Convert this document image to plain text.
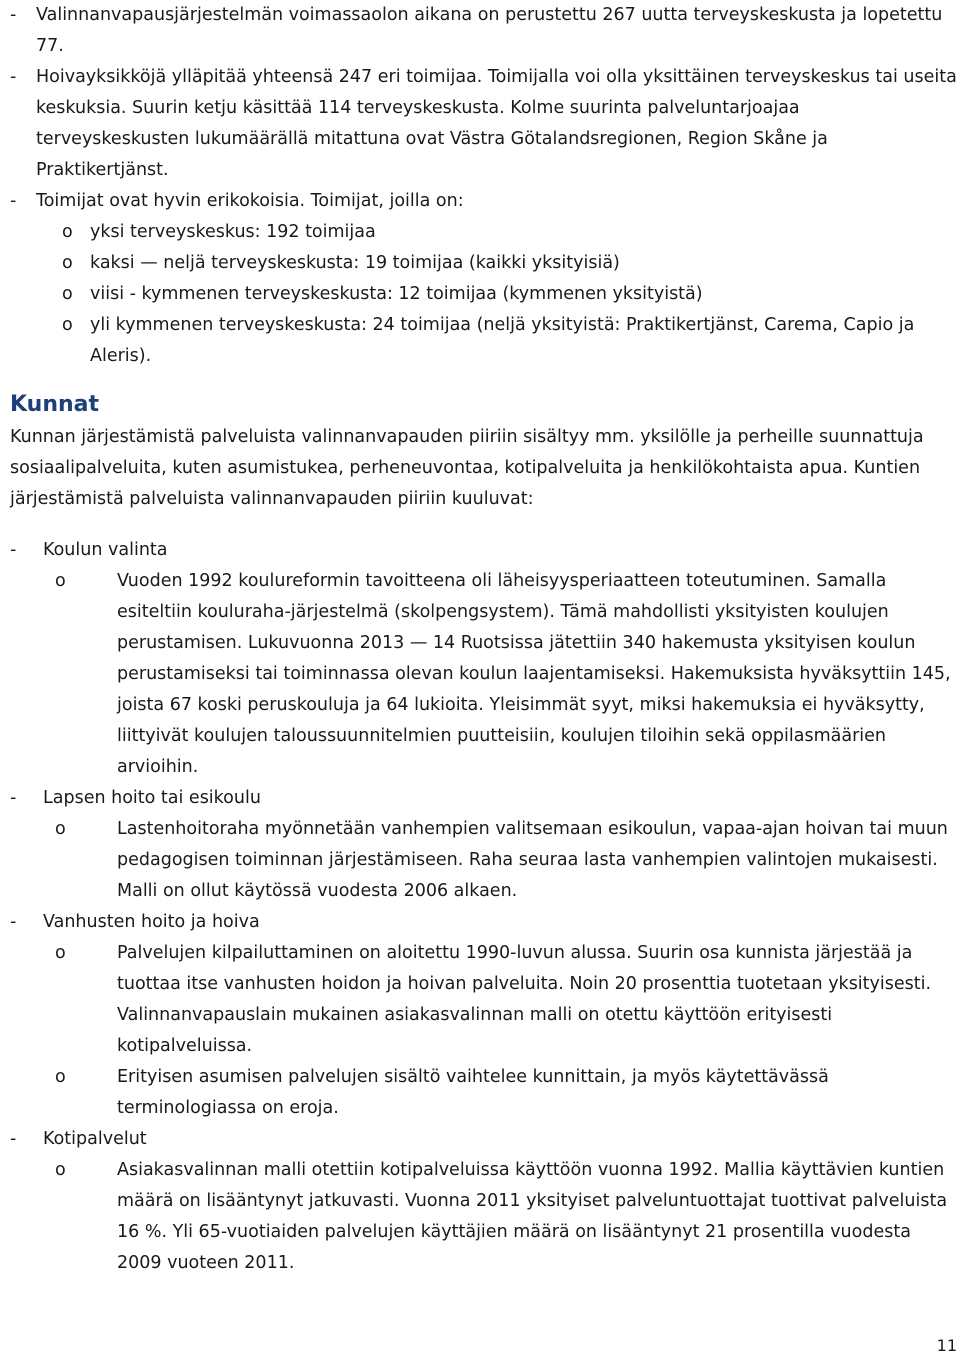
- Valinnanvapausjärjestelmän voimassaolon aikana on perustettu 267 uutta terveyskeskusta ja lopetettu 77.
- Hoivayksikköjä ylläpitää yhteensä 247 eri toimijaa. Toimijalla voi olla yksittäinen terveyskeskus tai useita keskuksia. Suurin ketju käsittää 114 terveyskeskusta. Kolme suurinta palveluntarjoajaa terveyskeskusten lukumäärällä mitattuna ovat Västra Götalandsregionen, Region Skåne ja Praktikertjänst.
- Toimijat ovat hyvin erikokoisia. Toimijat, joilla on:
o yksi terveyskeskus: 192 toimijaa
o kaksi — neljä terveyskeskusta: 19 toimijaa (kaikki yksityisiä)
o viisi - kymmenen terveyskeskusta: 12 toimijaa (kymmenen yksityistä)
o yli kymmenen terveyskeskusta: 24 toimijaa (neljä yksityistä: Praktikertjänst, Carema, Capio ja Aleris).
Kunnat

Kunnan järjestämistä palveluista valinnanvapauden piiriin sisältyy mm. yksilölle ja perheille suunnattuja sosiaalipalveluita, kuten asumistukea, perheneuvontaa, kotipalveluita ja henkilökohtaista apua. Kuntien järjestämistä palveluista valinnanvapauden piiriin kuuluvat:

- Koulun valinta
o Vuoden 1992 koulureformin tavoitteena oli läheisyysperiaatteen toteutuminen. Samalla esiteltiin kouluraha-järjestelmä (skolpengsystem). Tämä mahdollisti yksityisten koulujen perustamisen. Lukuvuonna 2013 — 14 Ruotsissa jätettiin 340 hakemusta yksityisen koulun perustamiseksi tai toiminnassa olevan koulun laajentamiseksi. Hakemuksista hyväksyttiin 145, joista 67 koski peruskouluja ja 64 lukioita. Yleisimmät syyt, miksi hakemuksia ei hyväksytty, liittyivät koulujen taloussuunnitelmien puutteisiin, koulujen tiloihin sekä oppilasmäärien arvioihin.
- Lapsen hoito tai esikoulu
o Lastenhoitoraha myönnetään vanhempien valitsemaan esikoulun, vapaa-ajan hoivan tai muun pedagogisen toiminnan järjestämiseen. Raha seuraa lasta vanhempien valintojen mukaisesti. Malli on ollut käytössä vuodesta 2006 alkaen.
- Vanhusten hoito ja hoiva
o Palvelujen kilpailuttaminen on aloitettu 1990-luvun alussa. Suurin osa kunnista järjestää ja tuottaa itse vanhusten hoidon ja hoivan palveluita. Noin 20 prosenttia tuotetaan yksityisesti. Valinnanvapauslain mukainen asiakasvalinnan malli on otettu käyttöön erityisesti kotipalveluissa.
o Erityisen asumisen palvelujen sisältö vaihtelee kunnittain, ja myös käytettävässä terminologiassa on eroja.
- Kotipalvelut
o Asiakasvalinnan malli otettiin kotipalveluissa käyttöön vuonna 1992. Mallia käyttävien kuntien määrä on lisääntynyt jatkuvasti. Vuonna 2011 yksityiset palveluntuottajat tuottivat palveluista 16 %. Yli 65-vuotiaiden palvelujen käyttäjien määrä on lisääntynyt 21 prosentilla vuodesta 2009 vuoteen 2011.
11
